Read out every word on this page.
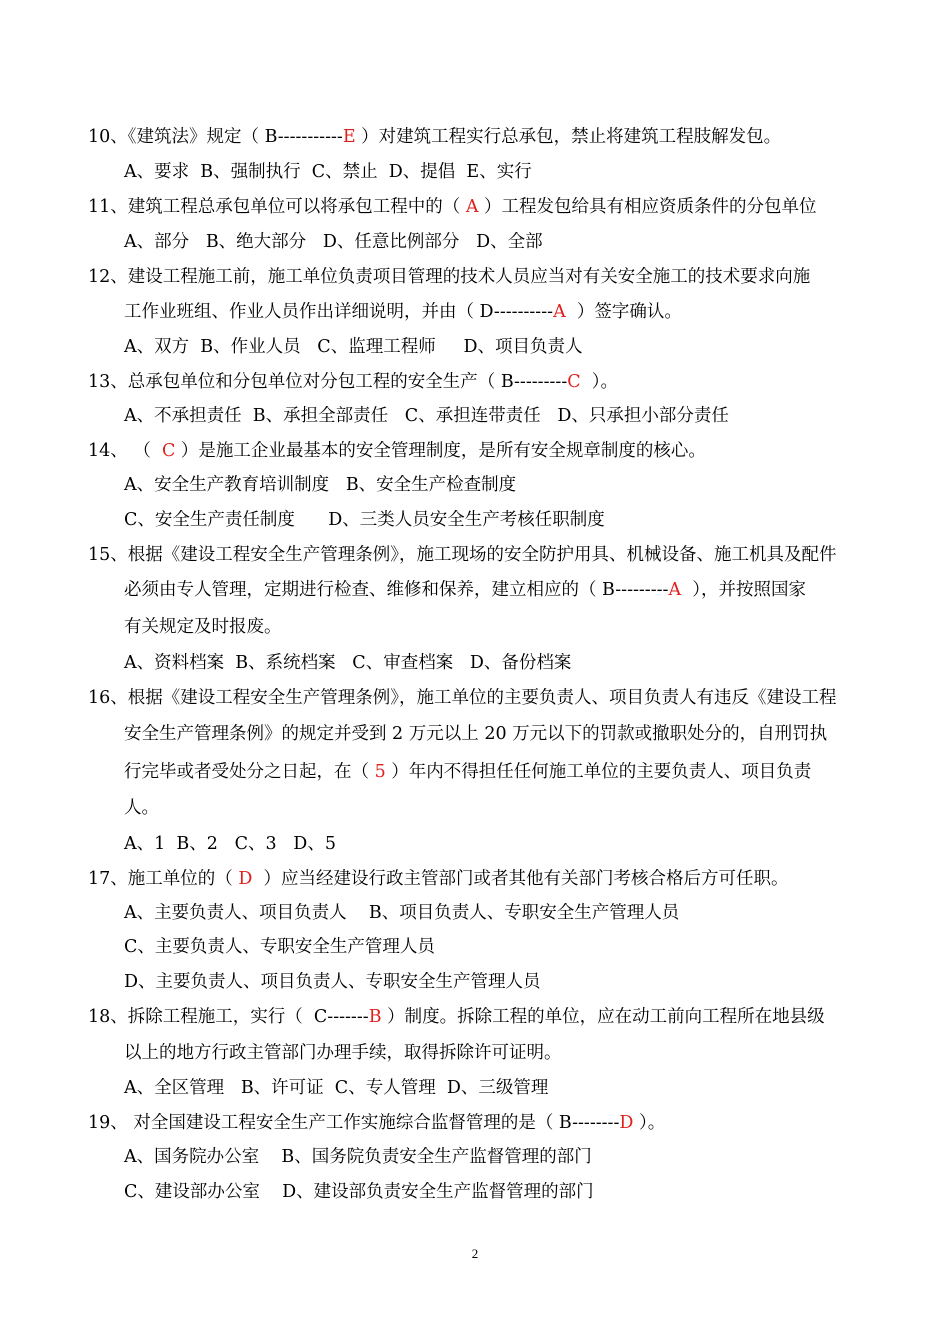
10、《建筑法》规定（ B-----------E ）对建筑工程实行总承包，禁止将建筑工程肢解发包。
A、要求  B、强制执行  C、禁止  D、提倡  E、实行
11、建筑工程总承包单位可以将承包工程中的（ A ）工程发包给具有相应资质条件的分包单位
A、部分   B、绝大部分   D、任意比例部分   D、全部
12、建设工程施工前，施工单位负责项目管理的技术人员应当对有关安全施工的技术要求向施
工作业班组、作业人员作出详细说明，并由（ D----------A  ）签字确认。
A、双方  B、作业人员   C、监理工程师     D、项目负责人
13、总承包单位和分包单位对分包工程的安全生产（ B---------C  ）。
A、不承担责任  B、承担全部责任   C、承担连带责任   D、只承担小部分责任
14、 （  C ）是施工企业最基本的安全管理制度，是所有安全规章制度的核心。
A、安全生产教育培训制度   B、安全生产检查制度
C、安全生产责任制度      D、三类人员安全生产考核任职制度
15、根据《建设工程安全生产管理条例》，施工现场的安全防护用具、机械设备、施工机具及配件
必须由专人管理，定期进行检查、维修和保养，建立相应的（ B---------A  ），并按照国家
有关规定及时报废。
A、资料档案  B、系统档案   C、审查档案   D、备份档案
16、根据《建设工程安全生产管理条例》，施工单位的主要负责人、项目负责人有违反《建设工程
安全生产管理条例》的规定并受到 2 万元以上 20 万元以下的罚款或撤职处分的，自刑罚执
行完毕或者受处分之日起，在（ 5 ）年内不得担任任何施工单位的主要负责人、项目负责
人。
A、1  B、2   C、3   D、5
17、施工单位的（ D  ）应当经建设行政主管部门或者其他有关部门考核合格后方可任职。
A、主要负责人、项目负责人    B、项目负责人、专职安全生产管理人员
C、主要负责人、专职安全生产管理人员
D、主要负责人、项目负责人、专职安全生产管理人员
18、拆除工程施工，实行（  C-------B ）制度。拆除工程的单位，应在动工前向工程所在地县级
以上的地方行政主管部门办理手续，取得拆除许可证明。
A、全区管理   B、许可证  C、专人管理  D、三级管理
19、 对全国建设工程安全生产工作实施综合监督管理的是（ B--------D ）。
A、国务院办公室    B、国务院负责安全生产监督管理的部门
C、建设部办公室    D、建设部负责安全生产监督管理的部门
2
